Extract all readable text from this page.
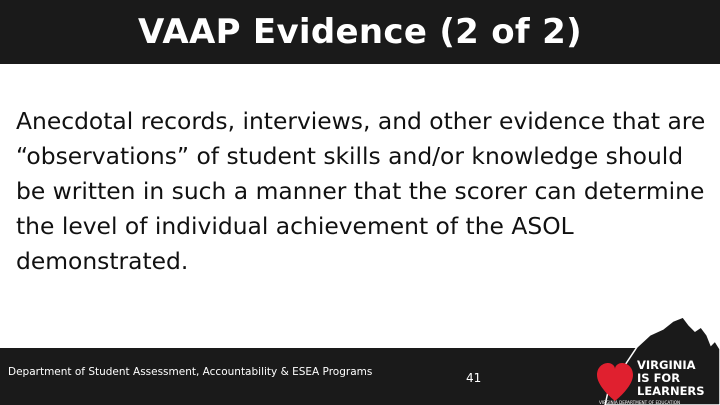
VAAP Evidence (2 of 2)
Anecdotal records, interviews, and other evidence that are “observations” of student skills and/or knowledge should be written in such a manner that the scorer can determine the level of individual achievement of the ASOL demonstrated.
Department of Student Assessment, Accountability & ESEA Programs	41
VIRGINIA
IS FOR
LEARNERS
VIRGINIA DEPARTMENT OF EDUCATION
